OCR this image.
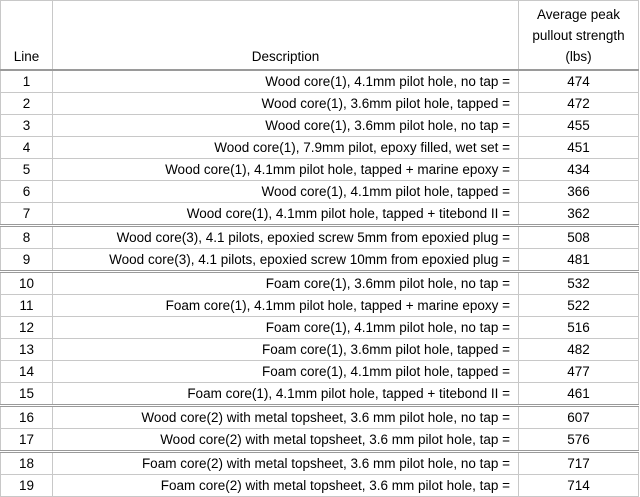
Line	Description	Average peak
pullout strength
(lbs)
1	Wood core(1), 4.1mm pilot hole, no tap =	474
2	Wood core(1), 3.6mm pilot hole, tapped =	472
3	Wood core(1), 3.6mm pilot hole, no tap =	455
4	Wood core(1), 7.9mm pilot, epoxy filled, wet set =	451
5	Wood core(1), 4.1mm pilot hole, tapped + marine epoxy =	434
6	Wood core(1), 4.1mm pilot hole, tapped =	366
7	Wood core(1), 4.1mm pilot hole, tapped + titebond II =	362
8	Wood core(3), 4.1 pilots, epoxied screw 5mm from epoxied plug =	508
9	Wood core(3), 4.1 pilots, epoxied screw 10mm from epoxied plug =	481
10	Foam core(1), 3.6mm pilot hole, no tap =	532
11	Foam core(1), 4.1mm pilot hole, tapped + marine epoxy =	522
12	Foam core(1), 4.1mm pilot hole, no tap =	516
13	Foam core(1), 3.6mm pilot hole, tapped =	482
14	Foam core(1), 4.1mm pilot hole, tapped =	477
15	Foam core(1), 4.1mm pilot hole, tapped + titebond II =	461
16	Wood core(2) with metal topsheet, 3.6 mm pilot hole, no tap =	607
17	Wood core(2) with metal topsheet, 3.6 mm pilot hole, tap =	576
18	Foam core(2) with metal topsheet, 3.6 mm pilot hole, no tap =	717
19	Foam core(2) with metal topsheet, 3.6 mm pilot hole, tap =	714
